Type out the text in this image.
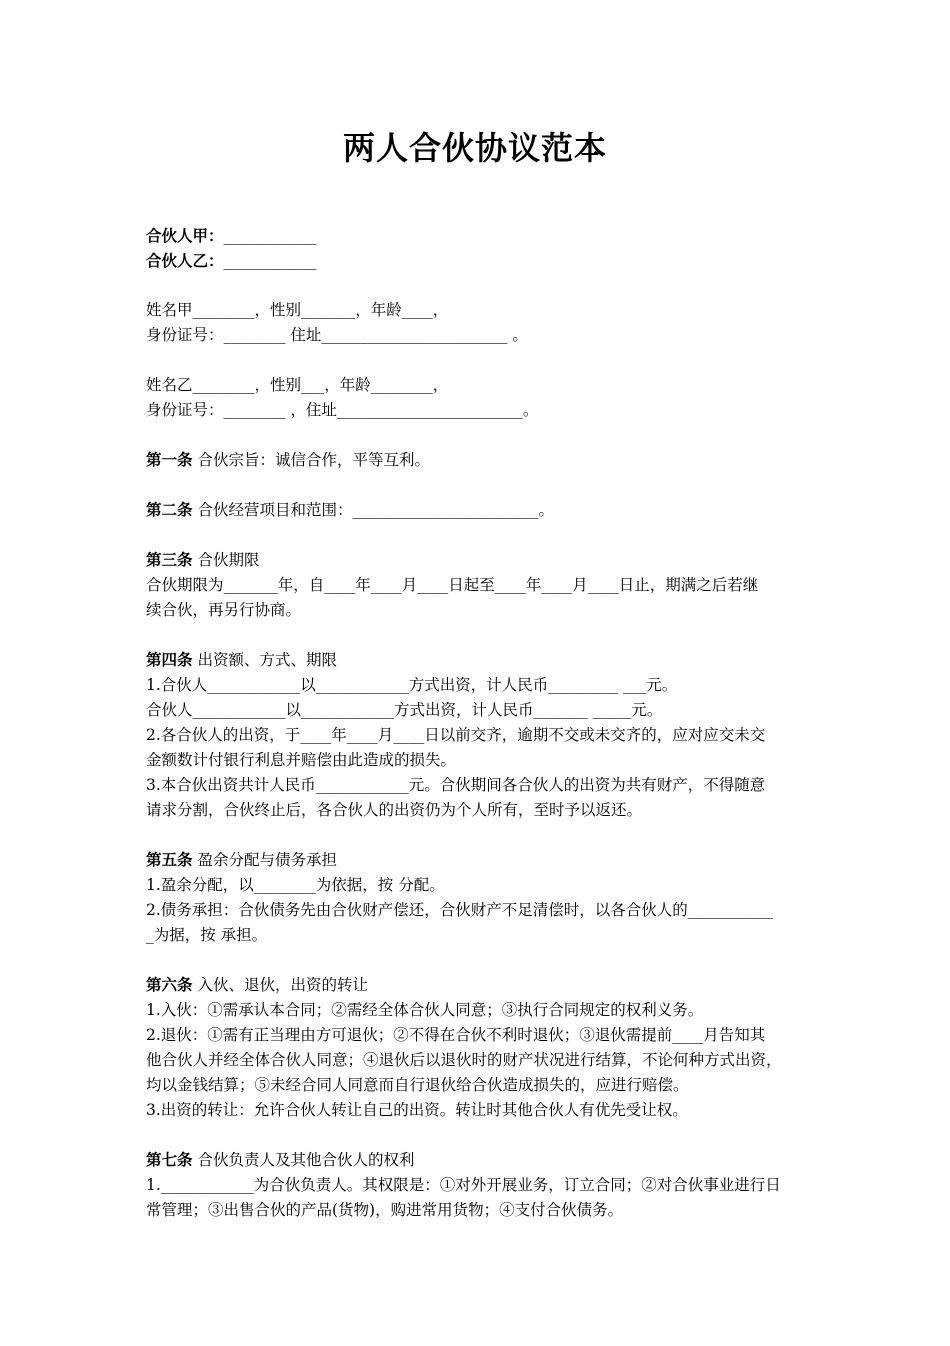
两人合伙协议范本
合伙人甲：____________
合伙人乙：____________
姓名甲________，性别_______，年龄____，
身份证号：________ 住址________________________ 。
姓名乙________，性别___，年龄________，
身份证号：________ ，住址________________________。
第一条 合伙宗旨：诚信合作，平等互利。
第二条 合伙经营项目和范围：________________________。
第三条 合伙期限
合伙期限为_______年，自____年____月____日起至____年____月____日止，期满之后若继
续合伙，再另行协商。
第四条 出资额、方式、期限
1.合伙人____________以____________方式出资，计人民币_________ ___元。
合伙人____________以____________方式出资，计人民币_______ _____元。
2.各合伙人的出资，于____年____月____日以前交齐，逾期不交或未交齐的，应对应交未交
金额数计付银行利息并赔偿由此造成的损失。
3.本合伙出资共计人民币____________元。合伙期间各合伙人的出资为共有财产，不得随意
请求分割，合伙终止后，各合伙人的出资仍为个人所有，至时予以返还。
第五条 盈余分配与债务承担
1.盈余分配，以________为依据，按 分配。
2.债务承担：合伙债务先由合伙财产偿还，合伙财产不足清偿时，以各合伙人的___________
_为据，按 承担。
第六条 入伙、退伙，出资的转让
1.入伙：①需承认本合同；②需经全体合伙人同意；③执行合同规定的权利义务。
2.退伙：①需有正当理由方可退伙；②不得在合伙不利时退伙；③退伙需提前____月告知其
他合伙人并经全体合伙人同意；④退伙后以退伙时的财产状况进行结算，不论何种方式出资，
均以金钱结算；⑤未经合同人同意而自行退伙给合伙造成损失的，应进行赔偿。
3.出资的转让：允许合伙人转让自己的出资。转让时其他合伙人有优先受让权。
第七条 合伙负责人及其他合伙人的权利
1.____________为合伙负责人。其权限是：①对外开展业务，订立合同；②对合伙事业进行日
常管理；③出售合伙的产品(货物)，购进常用货物；④支付合伙债务。
